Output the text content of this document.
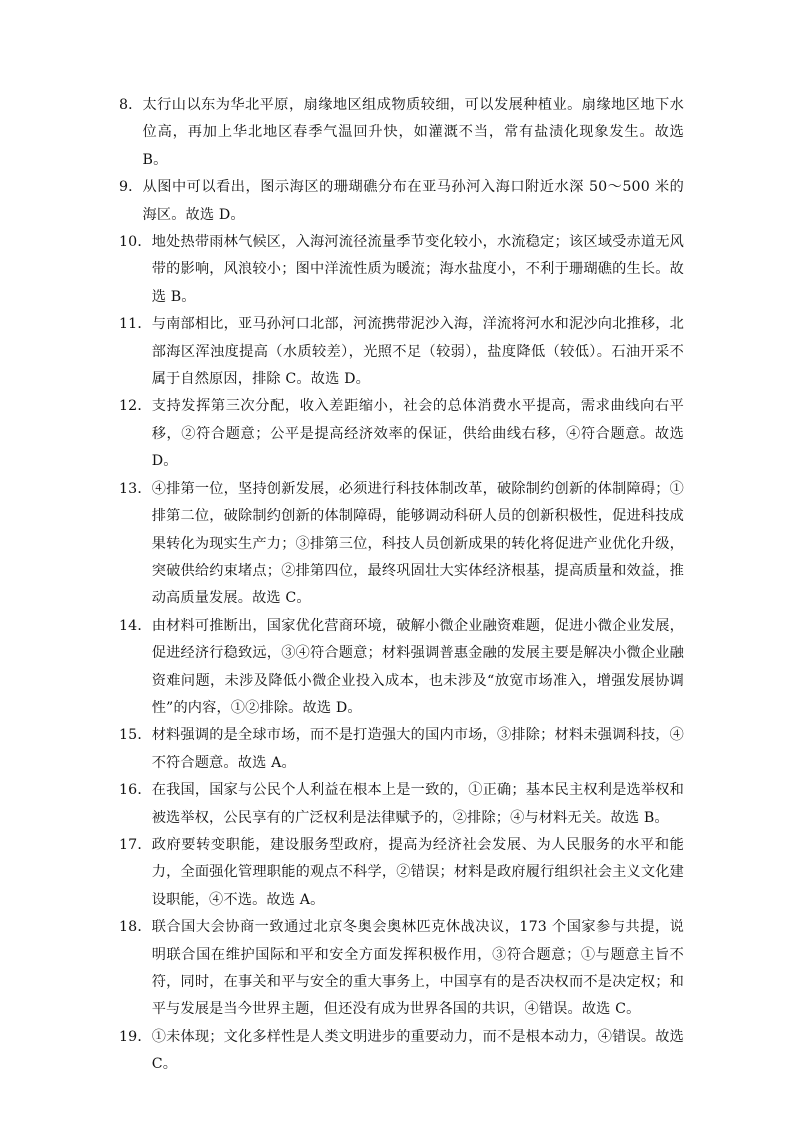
8． 太行山以东为华北平原，扇缘地区组成物质较细，可以发展种植业。扇缘地区地下水位高，再加上华北地区春季气温回升快，如灌溉不当，常有盐渍化现象发生。故选 B。
9． 从图中可以看出，图示海区的珊瑚礁分布在亚马孙河入海口附近水深 50～500 米的海区。故选 D。
10． 地处热带雨林气候区，入海河流径流量季节变化较小，水流稳定；该区域受赤道无风带的影响，风浪较小；图中洋流性质为暖流；海水盐度小，不利于珊瑚礁的生长。故选 B。
11． 与南部相比，亚马孙河口北部，河流携带泥沙入海，洋流将河水和泥沙向北推移，北部海区浑浊度提高（水质较差），光照不足（较弱），盐度降低（较低）。石油开采不属于自然原因，排除 C。故选 D。
12． 支持发挥第三次分配，收入差距缩小，社会的总体消费水平提高，需求曲线向右平移，②符合题意；公平是提高经济效率的保证，供给曲线右移，④符合题意。故选 D。
13． ④排第一位，坚持创新发展，必须进行科技体制改革，破除制约创新的体制障碍；①排第二位，破除制约创新的体制障碍，能够调动科研人员的创新积极性，促进科技成果转化为现实生产力；③排第三位，科技人员创新成果的转化将促进产业优化升级，突破供给约束堵点；②排第四位，最终巩固壮大实体经济根基，提高质量和效益，推动高质量发展。故选 C。
14． 由材料可推断出，国家优化营商环境，破解小微企业融资难题，促进小微企业发展，促进经济行稳致远，③④符合题意；材料强调普惠金融的发展主要是解决小微企业融资难问题，未涉及降低小微企业投入成本，也未涉及“放宽市场准入，增强发展协调性”的内容，①②排除。故选 D。
15． 材料强调的是全球市场，而不是打造强大的国内市场，③排除；材料未强调科技，④不符合题意。故选 A。
16． 在我国，国家与公民个人利益在根本上是一致的，①正确；基本民主权利是选举权和被选举权，公民享有的广泛权利是法律赋予的，②排除；④与材料无关。故选 B。
17． 政府要转变职能，建设服务型政府，提高为经济社会发展、为人民服务的水平和能力，全面强化管理职能的观点不科学，②错误；材料是政府履行组织社会主义文化建设职能，④不选。故选 A。
18． 联合国大会协商一致通过北京冬奥会奥林匹克休战决议，173 个国家参与共提，说明联合国在维护国际和平和安全方面发挥积极作用，③符合题意；①与题意主旨不符，同时，在事关和平与安全的重大事务上，中国享有的是否决权而不是决定权；和平与发展是当今世界主题，但还没有成为世界各国的共识，④错误。故选 C。
19． ①未体现；文化多样性是人类文明进步的重要动力，而不是根本动力，④错误。故选 C。
